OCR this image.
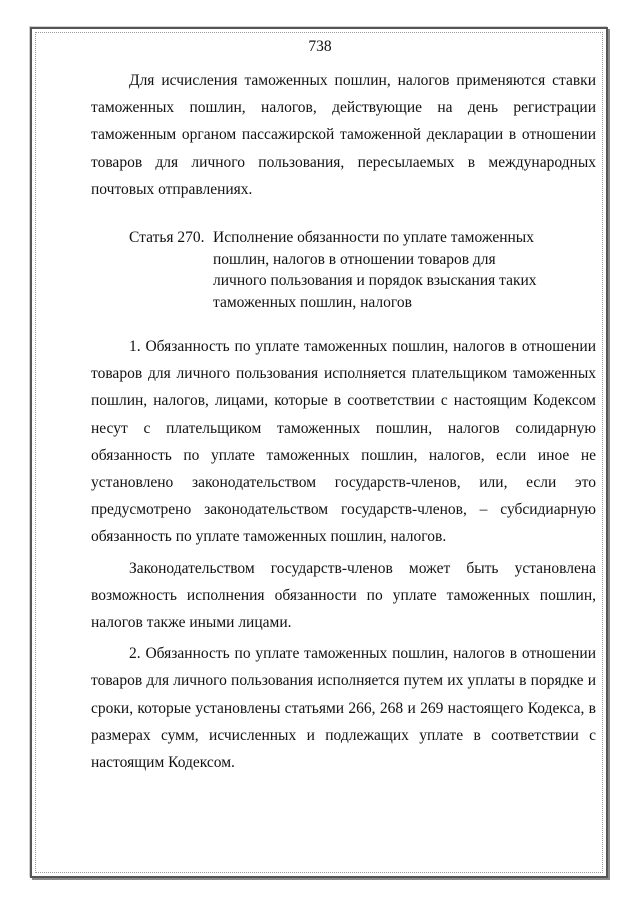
738

Для исчисления таможенных пошлин, налогов применяются ставки таможенных пошлин, налогов, действующие на день регистрации таможенным органом пассажирской таможенной декларации в отношении товаров для личного пользования, пересылаемых в международных почтовых отправлениях.

Статья 270. Исполнение обязанности по уплате таможенных пошлин, налогов в отношении товаров для личного пользования и порядок взыскания таких таможенных пошлин, налогов

1. Обязанность по уплате таможенных пошлин, налогов в отношении товаров для личного пользования исполняется плательщиком таможенных пошлин, налогов, лицами, которые в соответствии с настоящим Кодексом несут с плательщиком таможенных пошлин, налогов солидарную обязанность по уплате таможенных пошлин, налогов, если иное не установлено законодательством государств-членов, или, если это предусмотрено законодательством государств-членов, – субсидиарную обязанность по уплате таможенных пошлин, налогов.

Законодательством государств-членов может быть установлена возможность исполнения обязанности по уплате таможенных пошлин, налогов также иными лицами.

2. Обязанность по уплате таможенных пошлин, налогов в отношении товаров для личного пользования исполняется путем их уплаты в порядке и сроки, которые установлены статьями 266, 268 и 269 настоящего Кодекса, в размерах сумм, исчисленных и подлежащих уплате в соответствии с настоящим Кодексом.
